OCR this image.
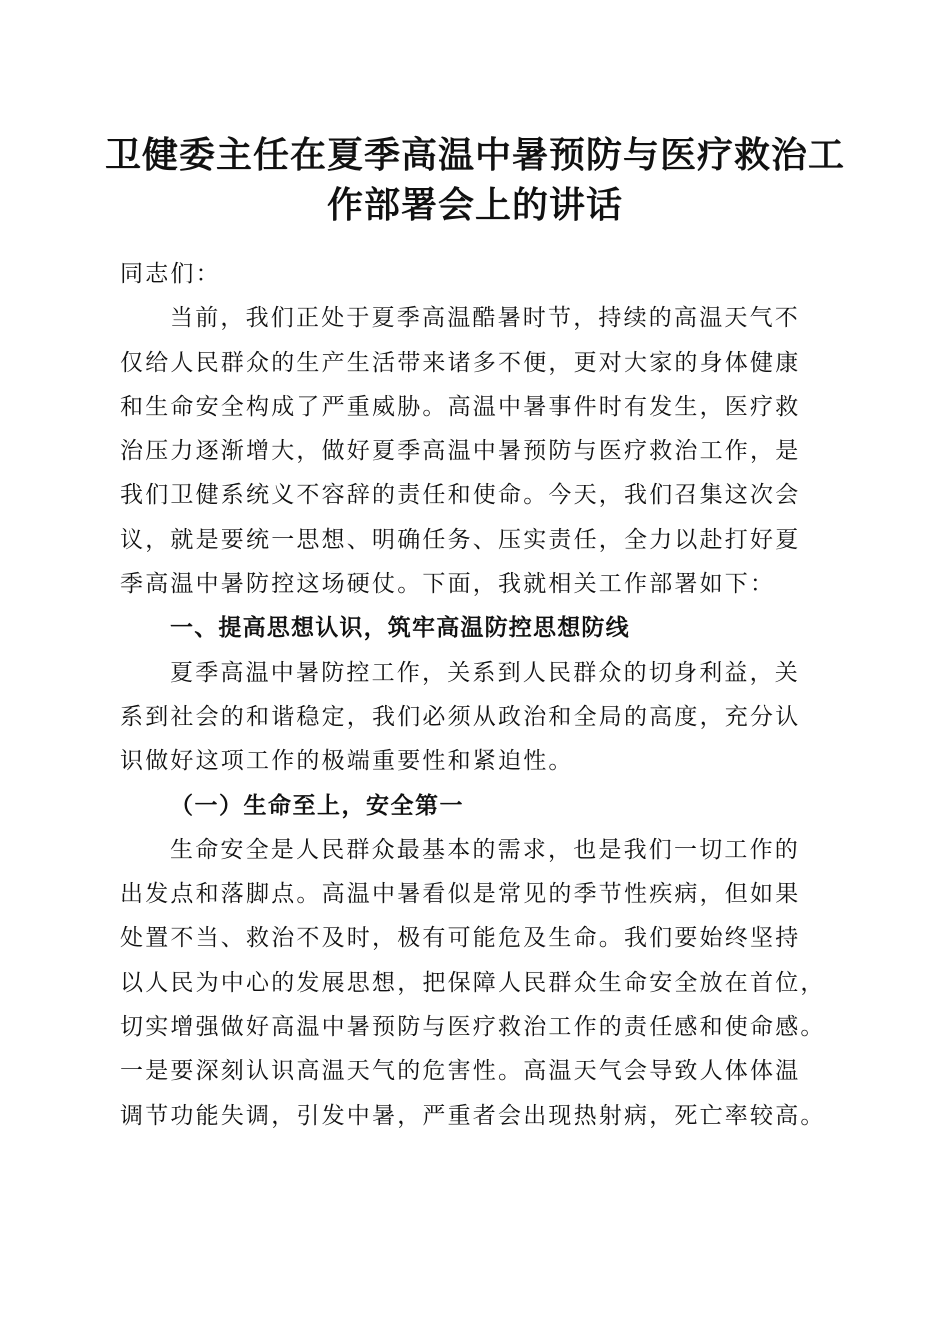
卫健委主任在夏季高温中暑预防与医疗救治工
作部署会上的讲话
同志们：
当前，我们正处于夏季高温酷暑时节，持续的高温天气不
仅给人民群众的生产生活带来诸多不便，更对大家的身体健康
和生命安全构成了严重威胁。高温中暑事件时有发生，医疗救
治压力逐渐增大，做好夏季高温中暑预防与医疗救治工作，是
我们卫健系统义不容辞的责任和使命。今天，我们召集这次会
议，就是要统一思想、明确任务、压实责任，全力以赴打好夏
季高温中暑防控这场硬仗。下面，我就相关工作部署如下：
一、提高思想认识，筑牢高温防控思想防线
夏季高温中暑防控工作，关系到人民群众的切身利益，关
系到社会的和谐稳定，我们必须从政治和全局的高度，充分认
识做好这项工作的极端重要性和紧迫性。
（一）生命至上，安全第一
生命安全是人民群众最基本的需求，也是我们一切工作的
出发点和落脚点。高温中暑看似是常见的季节性疾病，但如果
处置不当、救治不及时，极有可能危及生命。我们要始终坚持
以人民为中心的发展思想，把保障人民群众生命安全放在首位，
切实增强做好高温中暑预防与医疗救治工作的责任感和使命感。
一是要深刻认识高温天气的危害性。高温天气会导致人体体温
调节功能失调，引发中暑，严重者会出现热射病，死亡率较高。
